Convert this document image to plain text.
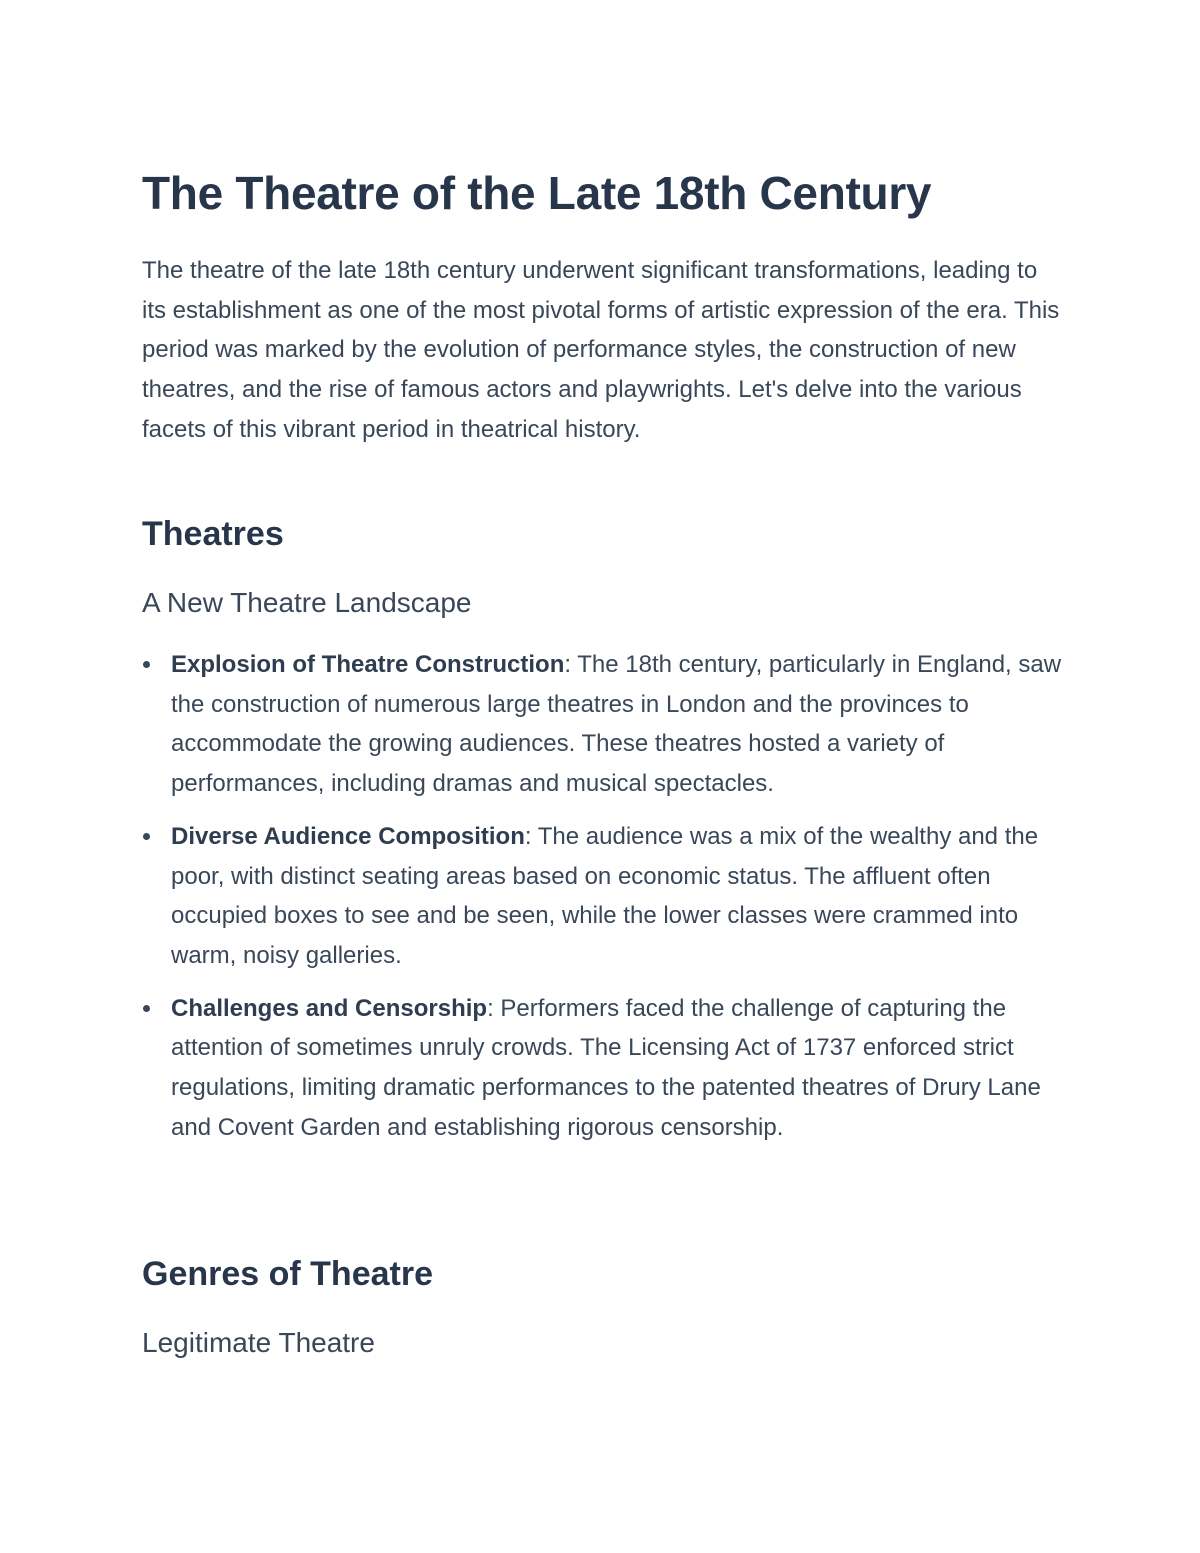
The Theatre of the Late 18th Century

The theatre of the late 18th century underwent significant transformations, leading to its establishment as one of the most pivotal forms of artistic expression of the era. This period was marked by the evolution of performance styles, the construction of new theatres, and the rise of famous actors and playwrights. Let's delve into the various facets of this vibrant period in theatrical history.

Theatres
A New Theatre Landscape
Explosion of Theatre Construction: The 18th century, particularly in England, saw the construction of numerous large theatres in London and the provinces to accommodate the growing audiences. These theatres hosted a variety of performances, including dramas and musical spectacles.
Diverse Audience Composition: The audience was a mix of the wealthy and the poor, with distinct seating areas based on economic status. The affluent often occupied boxes to see and be seen, while the lower classes were crammed into warm, noisy galleries.
Challenges and Censorship: Performers faced the challenge of capturing the attention of sometimes unruly crowds. The Licensing Act of 1737 enforced strict regulations, limiting dramatic performances to the patented theatres of Drury Lane and Covent Garden and establishing rigorous censorship.
Genres of Theatre
Legitimate Theatre
